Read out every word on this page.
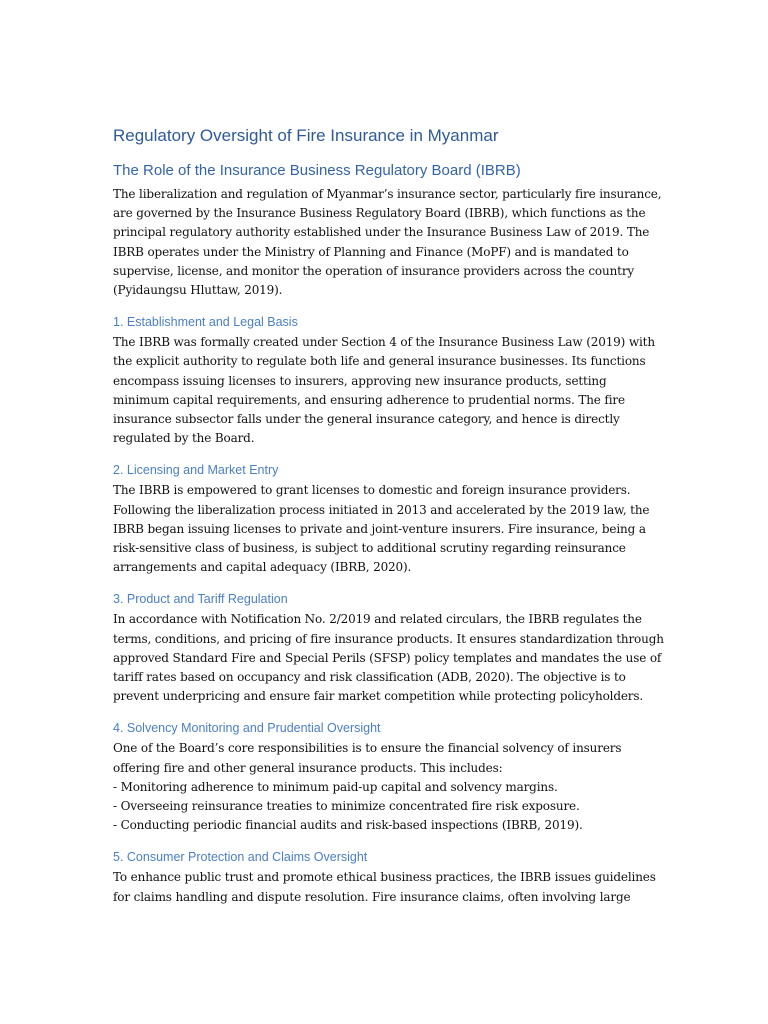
Regulatory Oversight of Fire Insurance in Myanmar
The Role of the Insurance Business Regulatory Board (IBRB)

The liberalization and regulation of Myanmar’s insurance sector, particularly fire insurance,
are governed by the Insurance Business Regulatory Board (IBRB), which functions as the
principal regulatory authority established under the Insurance Business Law of 2019. The
IBRB operates under the Ministry of Planning and Finance (MoPF) and is mandated to
supervise, license, and monitor the operation of insurance providers across the country
(Pyidaungsu Hluttaw, 2019).

1. Establishment and Legal Basis

The IBRB was formally created under Section 4 of the Insurance Business Law (2019) with
the explicit authority to regulate both life and general insurance businesses. Its functions
encompass issuing licenses to insurers, approving new insurance products, setting
minimum capital requirements, and ensuring adherence to prudential norms. The fire
insurance subsector falls under the general insurance category, and hence is directly
regulated by the Board.

2. Licensing and Market Entry

The IBRB is empowered to grant licenses to domestic and foreign insurance providers.
Following the liberalization process initiated in 2013 and accelerated by the 2019 law, the
IBRB began issuing licenses to private and joint-venture insurers. Fire insurance, being a
risk-sensitive class of business, is subject to additional scrutiny regarding reinsurance
arrangements and capital adequacy (IBRB, 2020).

3. Product and Tariff Regulation

In accordance with Notification No. 2/2019 and related circulars, the IBRB regulates the
terms, conditions, and pricing of fire insurance products. It ensures standardization through
approved Standard Fire and Special Perils (SFSP) policy templates and mandates the use of
tariff rates based on occupancy and risk classification (ADB, 2020). The objective is to
prevent underpricing and ensure fair market competition while protecting policyholders.

4. Solvency Monitoring and Prudential Oversight

One of the Board’s core responsibilities is to ensure the financial solvency of insurers
offering fire and other general insurance products. This includes:
- Monitoring adherence to minimum paid-up capital and solvency margins.
- Overseeing reinsurance treaties to minimize concentrated fire risk exposure.
- Conducting periodic financial audits and risk-based inspections (IBRB, 2019).

5. Consumer Protection and Claims Oversight

To enhance public trust and promote ethical business practices, the IBRB issues guidelines
for claims handling and dispute resolution. Fire insurance claims, often involving large
